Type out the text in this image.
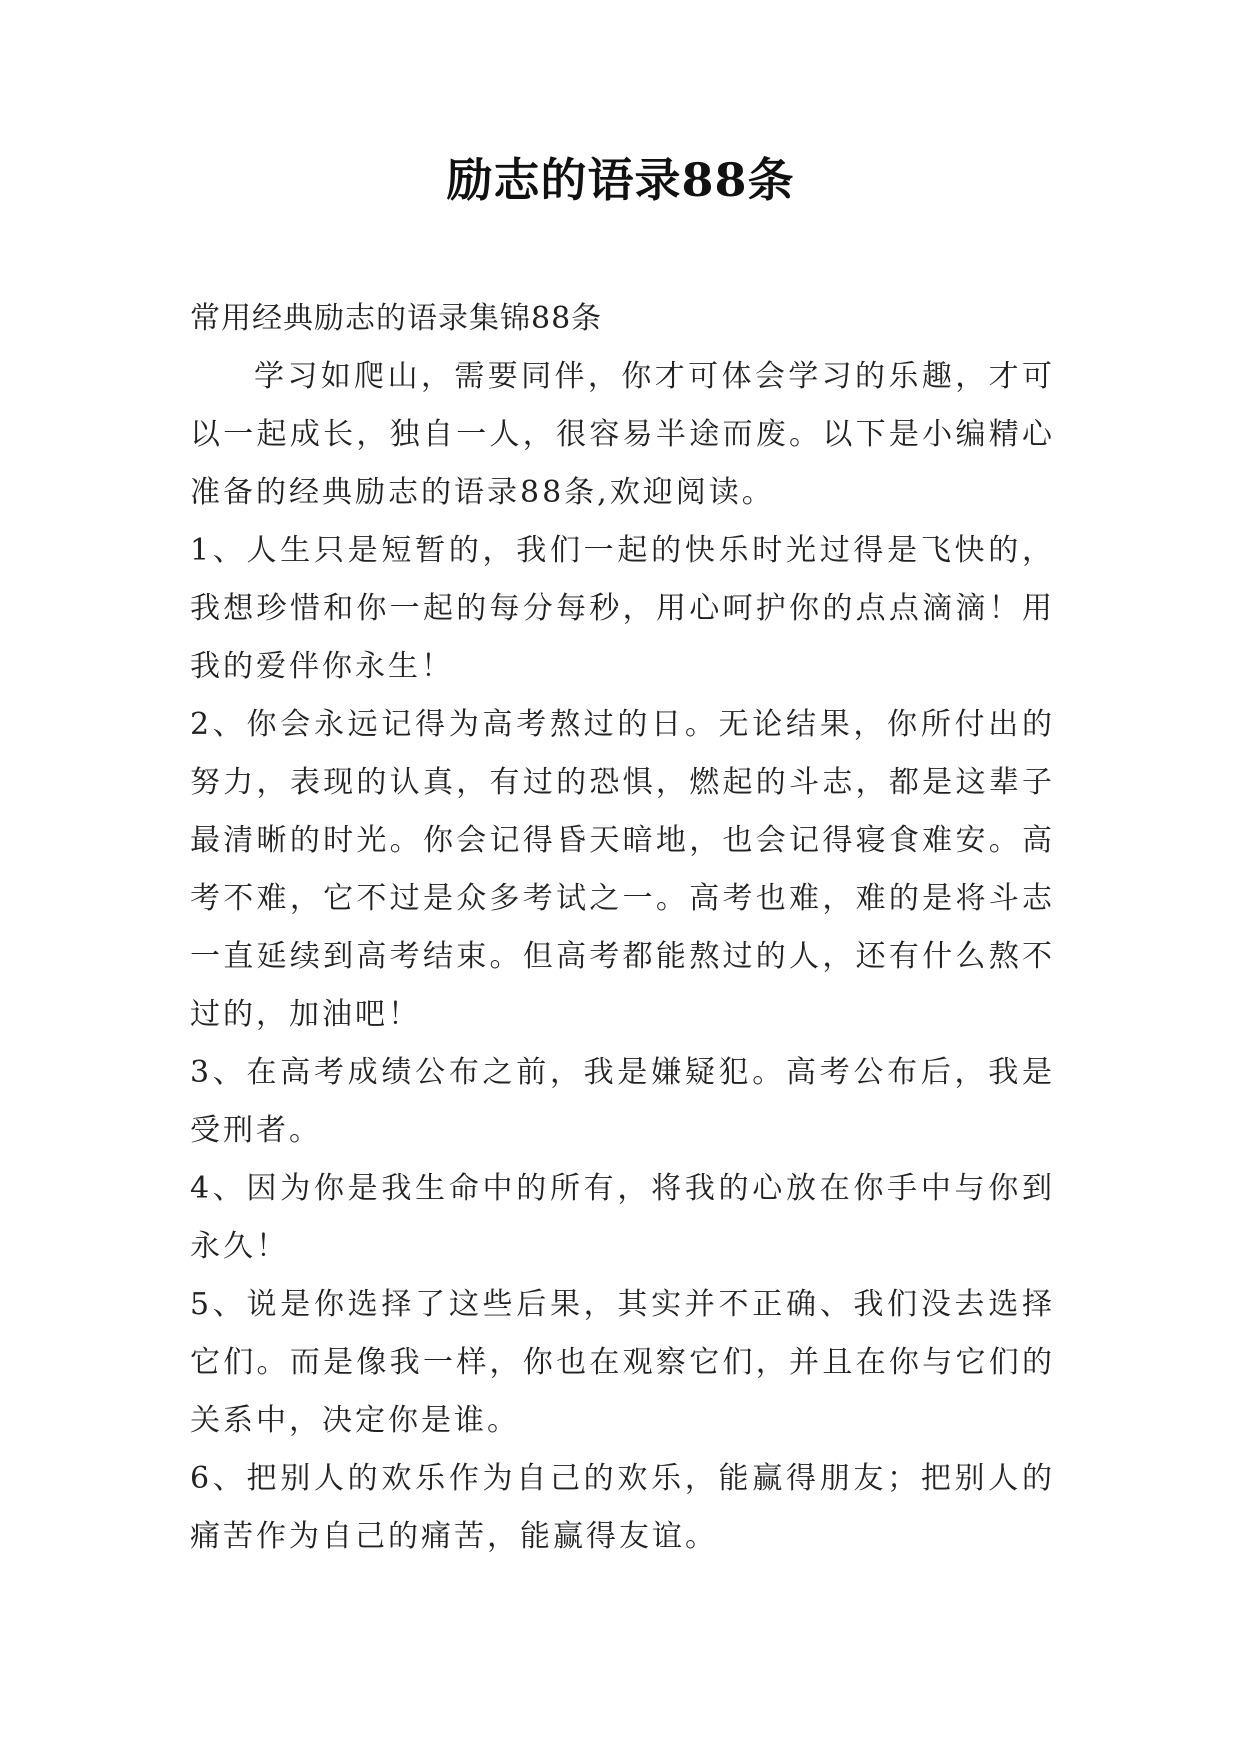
励志的语录88条

常用经典励志的语录集锦88条

学习如爬山，需要同伴，你才可体会学习的乐趣，才可以一起成长，独自一人，很容易半途而废。以下是小编精心准备的经典励志的语录88条,欢迎阅读。

1、人生只是短暂的，我们一起的快乐时光过得是飞快的，我想珍惜和你一起的每分每秒，用心呵护你的点点滴滴！用我的爱伴你永生！

2、你会永远记得为高考熬过的日。无论结果，你所付出的努力，表现的认真，有过的恐惧，燃起的斗志，都是这辈子最清晰的时光。你会记得昏天暗地，也会记得寝食难安。高考不难，它不过是众多考试之一。高考也难，难的是将斗志一直延续到高考结束。但高考都能熬过的人，还有什么熬不过的，加油吧！

3、在高考成绩公布之前，我是嫌疑犯。高考公布后，我是受刑者。

4、因为你是我生命中的所有，将我的心放在你手中与你到永久！

5、说是你选择了这些后果，其实并不正确、我们没去选择它们。而是像我一样，你也在观察它们，并且在你与它们的关系中，决定你是谁。

6、把别人的欢乐作为自己的欢乐，能赢得朋友；把别人的痛苦作为自己的痛苦，能赢得友谊。
